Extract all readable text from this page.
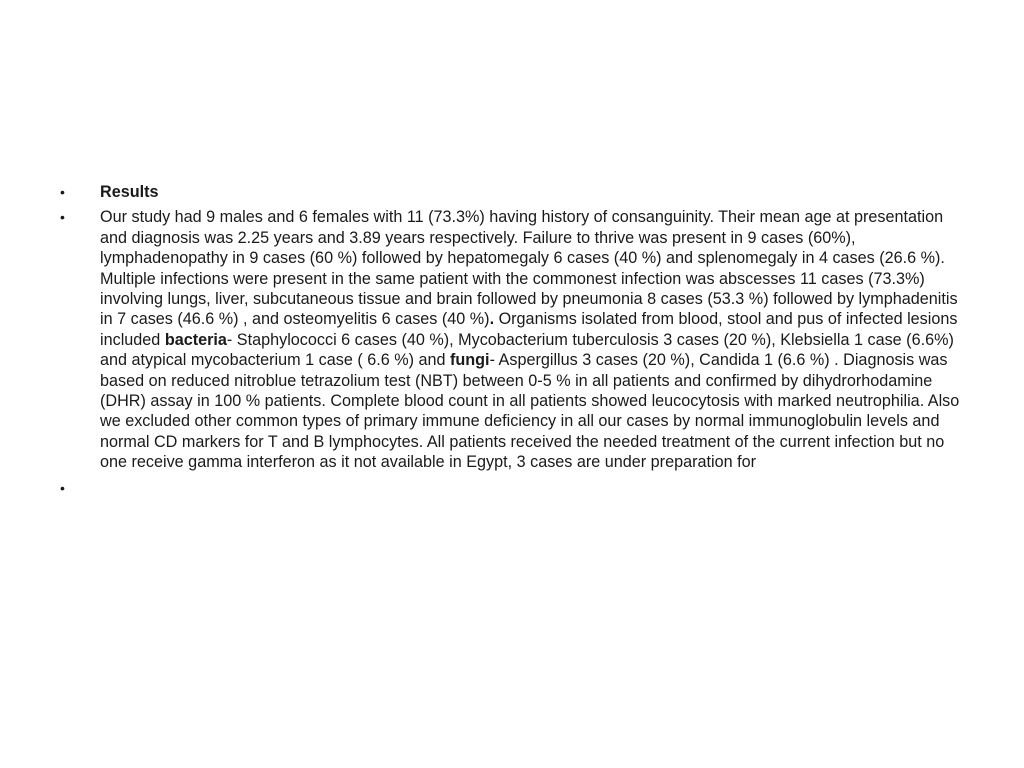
•	Results
•	Our study had 9 males and 6 females with 11 (73.3%) having history of consanguinity. Their mean age at presentation and diagnosis was 2.25 years and 3.89 years respectively. Failure to thrive was present in 9 cases (60%), lymphadenopathy in 9 cases (60 %) followed by hepatomegaly 6 cases (40 %) and splenomegaly in 4 cases (26.6 %). Multiple infections were present in the same patient with the commonest infection was abscesses 11 cases (73.3%) involving lungs, liver, subcutaneous tissue and brain followed by pneumonia 8 cases (53.3 %) followed by lymphadenitis in 7 cases (46.6 %) , and osteomyelitis 6 cases (40 %). Organisms isolated from blood, stool and pus of infected lesions included bacteria- Staphylococci 6 cases (40 %), Mycobacterium tuberculosis 3 cases (20 %), Klebsiella 1 case (6.6%) and atypical mycobacterium 1 case ( 6.6 %) and fungi- Aspergillus 3 cases (20 %), Candida 1 (6.6 %) . Diagnosis was based on reduced nitroblue tetrazolium test (NBT) between 0-5 % in all patients and confirmed by dihydrorhodamine (DHR) assay in 100 % patients. Complete blood count in all patients showed leucocytosis with marked neutrophilia. Also we excluded other common types of primary immune deficiency in all our cases by normal immunoglobulin levels and normal CD markers for T and B lymphocytes. All patients received the needed treatment of the current infection but no one receive gamma interferon as it not available in Egypt, 3 cases are under preparation for
•
